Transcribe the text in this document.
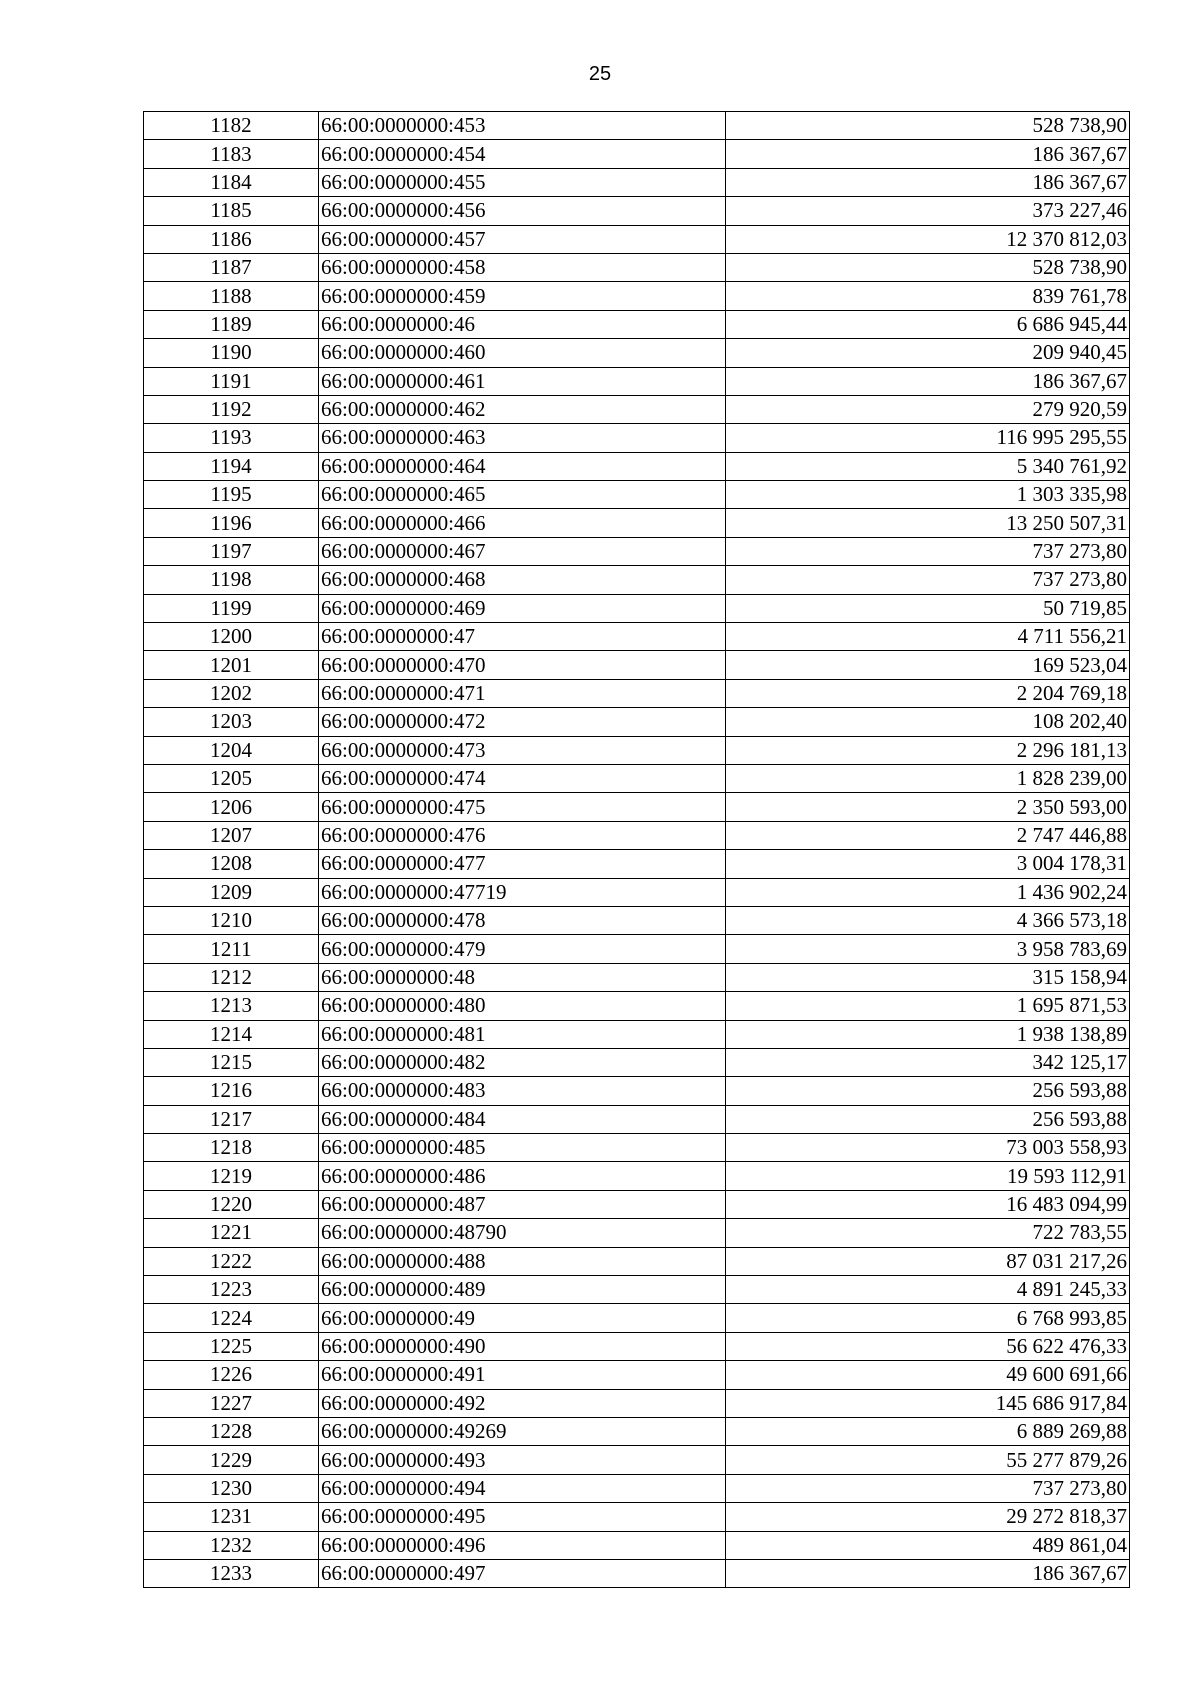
25
1182	66:00:0000000:453	528 738,90
1183	66:00:0000000:454	186 367,67
1184	66:00:0000000:455	186 367,67
1185	66:00:0000000:456	373 227,46
1186	66:00:0000000:457	12 370 812,03
1187	66:00:0000000:458	528 738,90
1188	66:00:0000000:459	839 761,78
1189	66:00:0000000:46	6 686 945,44
1190	66:00:0000000:460	209 940,45
1191	66:00:0000000:461	186 367,67
1192	66:00:0000000:462	279 920,59
1193	66:00:0000000:463	116 995 295,55
1194	66:00:0000000:464	5 340 761,92
1195	66:00:0000000:465	1 303 335,98
1196	66:00:0000000:466	13 250 507,31
1197	66:00:0000000:467	737 273,80
1198	66:00:0000000:468	737 273,80
1199	66:00:0000000:469	50 719,85
1200	66:00:0000000:47	4 711 556,21
1201	66:00:0000000:470	169 523,04
1202	66:00:0000000:471	2 204 769,18
1203	66:00:0000000:472	108 202,40
1204	66:00:0000000:473	2 296 181,13
1205	66:00:0000000:474	1 828 239,00
1206	66:00:0000000:475	2 350 593,00
1207	66:00:0000000:476	2 747 446,88
1208	66:00:0000000:477	3 004 178,31
1209	66:00:0000000:47719	1 436 902,24
1210	66:00:0000000:478	4 366 573,18
1211	66:00:0000000:479	3 958 783,69
1212	66:00:0000000:48	315 158,94
1213	66:00:0000000:480	1 695 871,53
1214	66:00:0000000:481	1 938 138,89
1215	66:00:0000000:482	342 125,17
1216	66:00:0000000:483	256 593,88
1217	66:00:0000000:484	256 593,88
1218	66:00:0000000:485	73 003 558,93
1219	66:00:0000000:486	19 593 112,91
1220	66:00:0000000:487	16 483 094,99
1221	66:00:0000000:48790	722 783,55
1222	66:00:0000000:488	87 031 217,26
1223	66:00:0000000:489	4 891 245,33
1224	66:00:0000000:49	6 768 993,85
1225	66:00:0000000:490	56 622 476,33
1226	66:00:0000000:491	49 600 691,66
1227	66:00:0000000:492	145 686 917,84
1228	66:00:0000000:49269	6 889 269,88
1229	66:00:0000000:493	55 277 879,26
1230	66:00:0000000:494	737 273,80
1231	66:00:0000000:495	29 272 818,37
1232	66:00:0000000:496	489 861,04
1233	66:00:0000000:497	186 367,67
